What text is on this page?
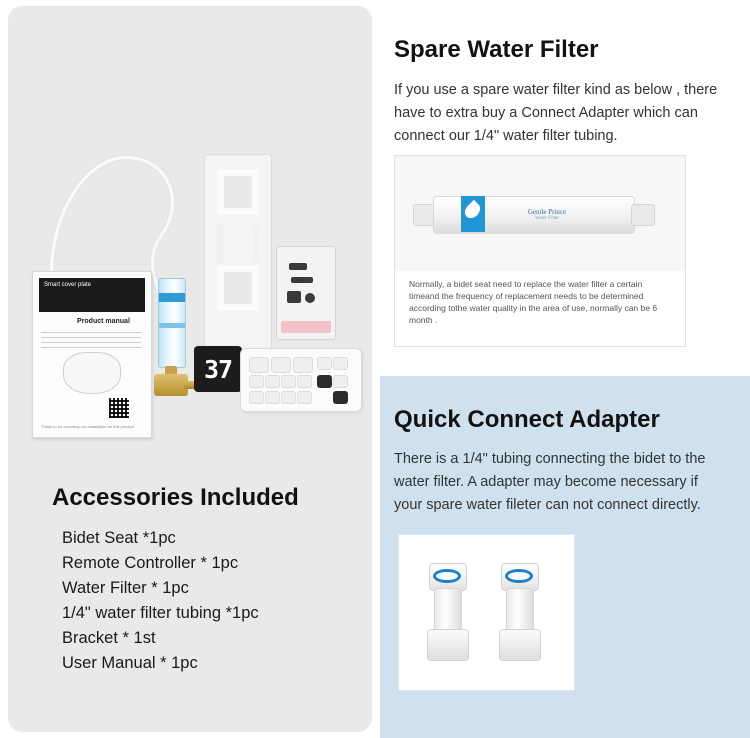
Smart cover plate
Product manual
Thank to for choosing our installation for this product.
37
Accessories Included
Bidet Seat *1pc
Remote Controller * 1pc
Water Filter * 1pc
1/4" water filter tubing *1pc
Bracket * 1st
User Manual * 1pc
Spare Water Filter

If you use a spare water filter kind as below , there have to extra buy a Connect Adapter which can connect our 1/4" water filter tubing.

Gentle Prince
Water Filter
Normally, a bidet seat need to replace the water filter a certain timeand the frequency of replacement needs to be determined according tothe water quality in the area of use, normally can be 6 month .
Quick Connect Adapter

There is a 1/4" tubing connecting the bidet to the water filter. A adapter may become necessary if your spare water fileter can not connect directly.
